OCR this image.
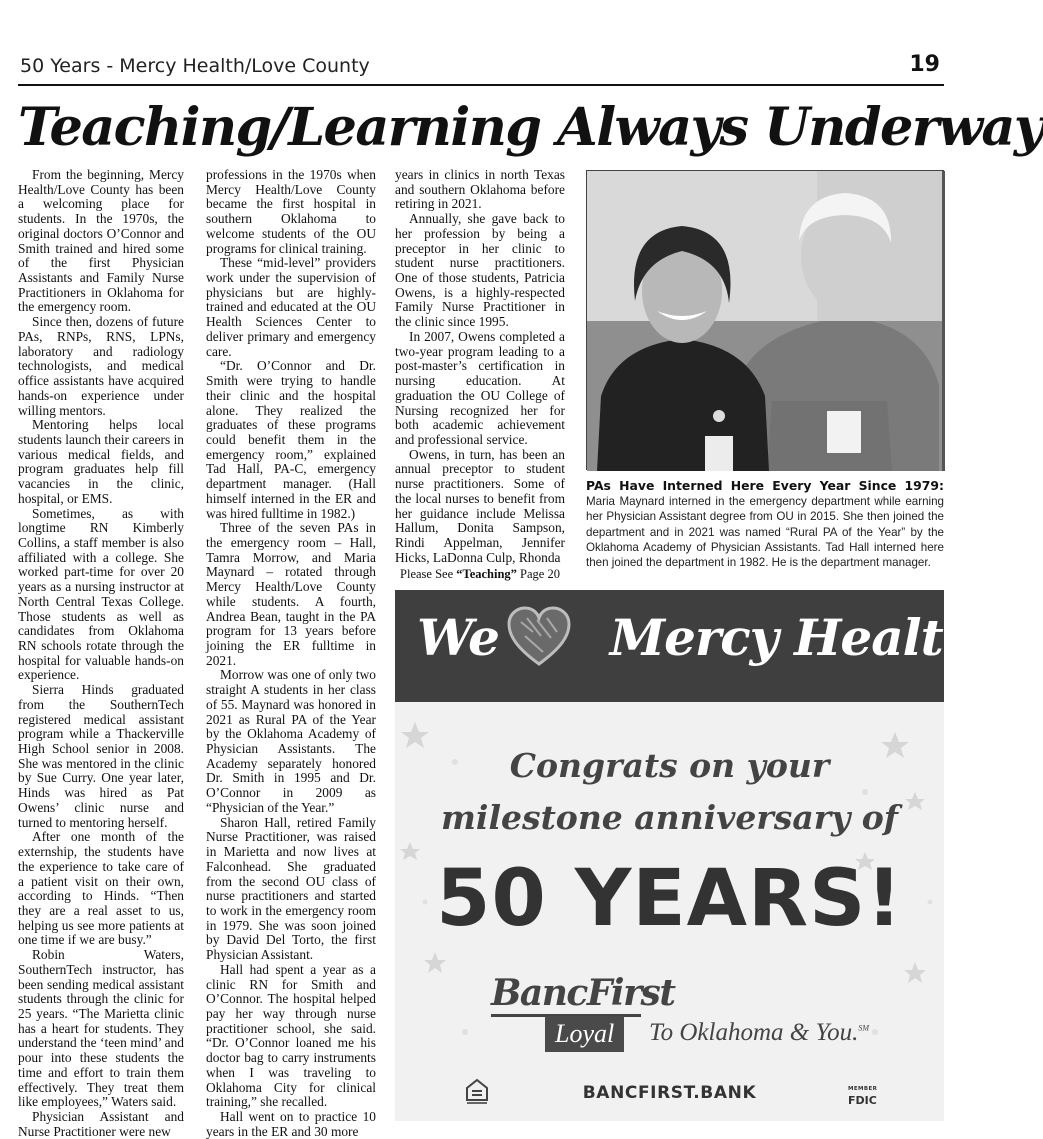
50 Years - Mercy Health/Love County	19
Teaching/Learning Always Underway

From the beginning, Mercy Health/Love County has been a welcoming place for students. In the 1970s, the original doctors O’Connor and Smith trained and hired some of the first Physician Assistants and Family Nurse Practitioners in Oklahoma for the emergency room.

Since then, dozens of future PAs, RNPs, RNS, LPNs, laboratory and radiology technologists, and medical office assistants have acquired hands-on experience under willing mentors.

Mentoring helps local students launch their careers in various medical fields, and program graduates help fill vacancies in the clinic, hospital, or EMS.

Sometimes, as with longtime RN Kimberly Collins, a staff member is also affiliated with a college. She worked part-time for over 20 years as a nursing instructor at North Central Texas College. Those students as well as candidates from Oklahoma RN schools rotate through the hospital for valuable hands-on experience.

Sierra Hinds graduated from the SouthernTech registered medical assistant program while a Thackerville High School senior in 2008. She was mentored in the clinic by Sue Curry. One year later, Hinds was hired as Pat Owens’ clinic nurse and turned to mentoring herself.

After one month of the externship, the students have the experience to take care of a patient visit on their own, according to Hinds. “Then they are a real asset to us, helping us see more patients at one time if we are busy.”

Robin Waters, SouthernTech instructor, has been sending medical assistant students through the clinic for 25 years. “The Marietta clinic has a heart for students. They understand the ‘teen mind’ and pour into these students the time and effort to train them effectively. They treat them like employees,” Waters said.

Physician Assistant and Nurse Practitioner were new

professions in the 1970s when Mercy Health/Love County became the first hospital in southern Oklahoma to welcome students of the OU programs for clinical training.

These “mid-level” providers work under the supervision of physicians but are highly-trained and educated at the OU Health Sciences Center to deliver primary and emergency care.

“Dr. O’Connor and Dr. Smith were trying to handle their clinic and the hospital alone. They realized the graduates of these programs could benefit them in the emergency room,” explained Tad Hall, PA-C, emergency department manager. (Hall himself interned in the ER and was hired fulltime in 1982.)

Three of the seven PAs in the emergency room – Hall, Tamra Morrow, and Maria Maynard – rotated through Mercy Health/Love County while students. A fourth, Andrea Bean, taught in the PA program for 13 years before joining the ER fulltime in 2021.

Morrow was one of only two straight A students in her class of 55. Maynard was honored in 2021 as Rural PA of the Year by the Oklahoma Academy of Physician Assistants. The Academy separately honored Dr. Smith in 1995 and Dr. O’Connor in 2009 as “Physician of the Year.”

Sharon Hall, retired Family Nurse Practitioner, was raised in Marietta and now lives at Falconhead. She graduated from the second OU class of nurse practitioners and started to work in the emergency room in 1979. She was soon joined by David Del Torto, the first Physician Assistant.

Hall had spent a year as a clinic RN for Smith and O’Connor. The hospital helped pay her way through nurse practitioner school, she said. “Dr. O’Connor loaned me his doctor bag to carry instruments when I was traveling to Oklahoma City for clinical training,” she recalled.

Hall went on to practice 10 years in the ER and 30 more

years in clinics in north Texas and southern Oklahoma before retiring in 2021.

Annually, she gave back to her profession by being a preceptor in her clinic to student nurse practitioners. One of those students, Patricia Owens, is a highly-respected Family Nurse Practitioner in the clinic since 1995.

In 2007, Owens completed a two-year program leading to a post-master’s certification in nursing education. At graduation the OU College of Nursing recognized her for both academic achievement and professional service.

Owens, in turn, has been an annual preceptor to student nurse practitioners. Some of the local nurses to benefit from her guidance include Melissa Hallum, Donita Sampson, Rindi Appelman, Jennifer Hicks, LaDonna Culp, Rhonda

Please See “Teaching” Page 20
PAs Have Interned Here Every Year Since 1979: Maria Maynard interned in the emergency department while earning her Physician Assistant degree from OU in 2015. She then joined the department and in 2021 was named “Rural PA of the Year” by the Oklahoma Academy of Physician Assistants. Tad Hall interned here then joined the department in 1982. He is the department manager.
We Mercy Health
Congrats on your
milestone anniversary of
50 YEARS!
BancFirst
Loyal	To Oklahoma & You.℠
BANCFIRST.BANK	MEMBER
FDIC
